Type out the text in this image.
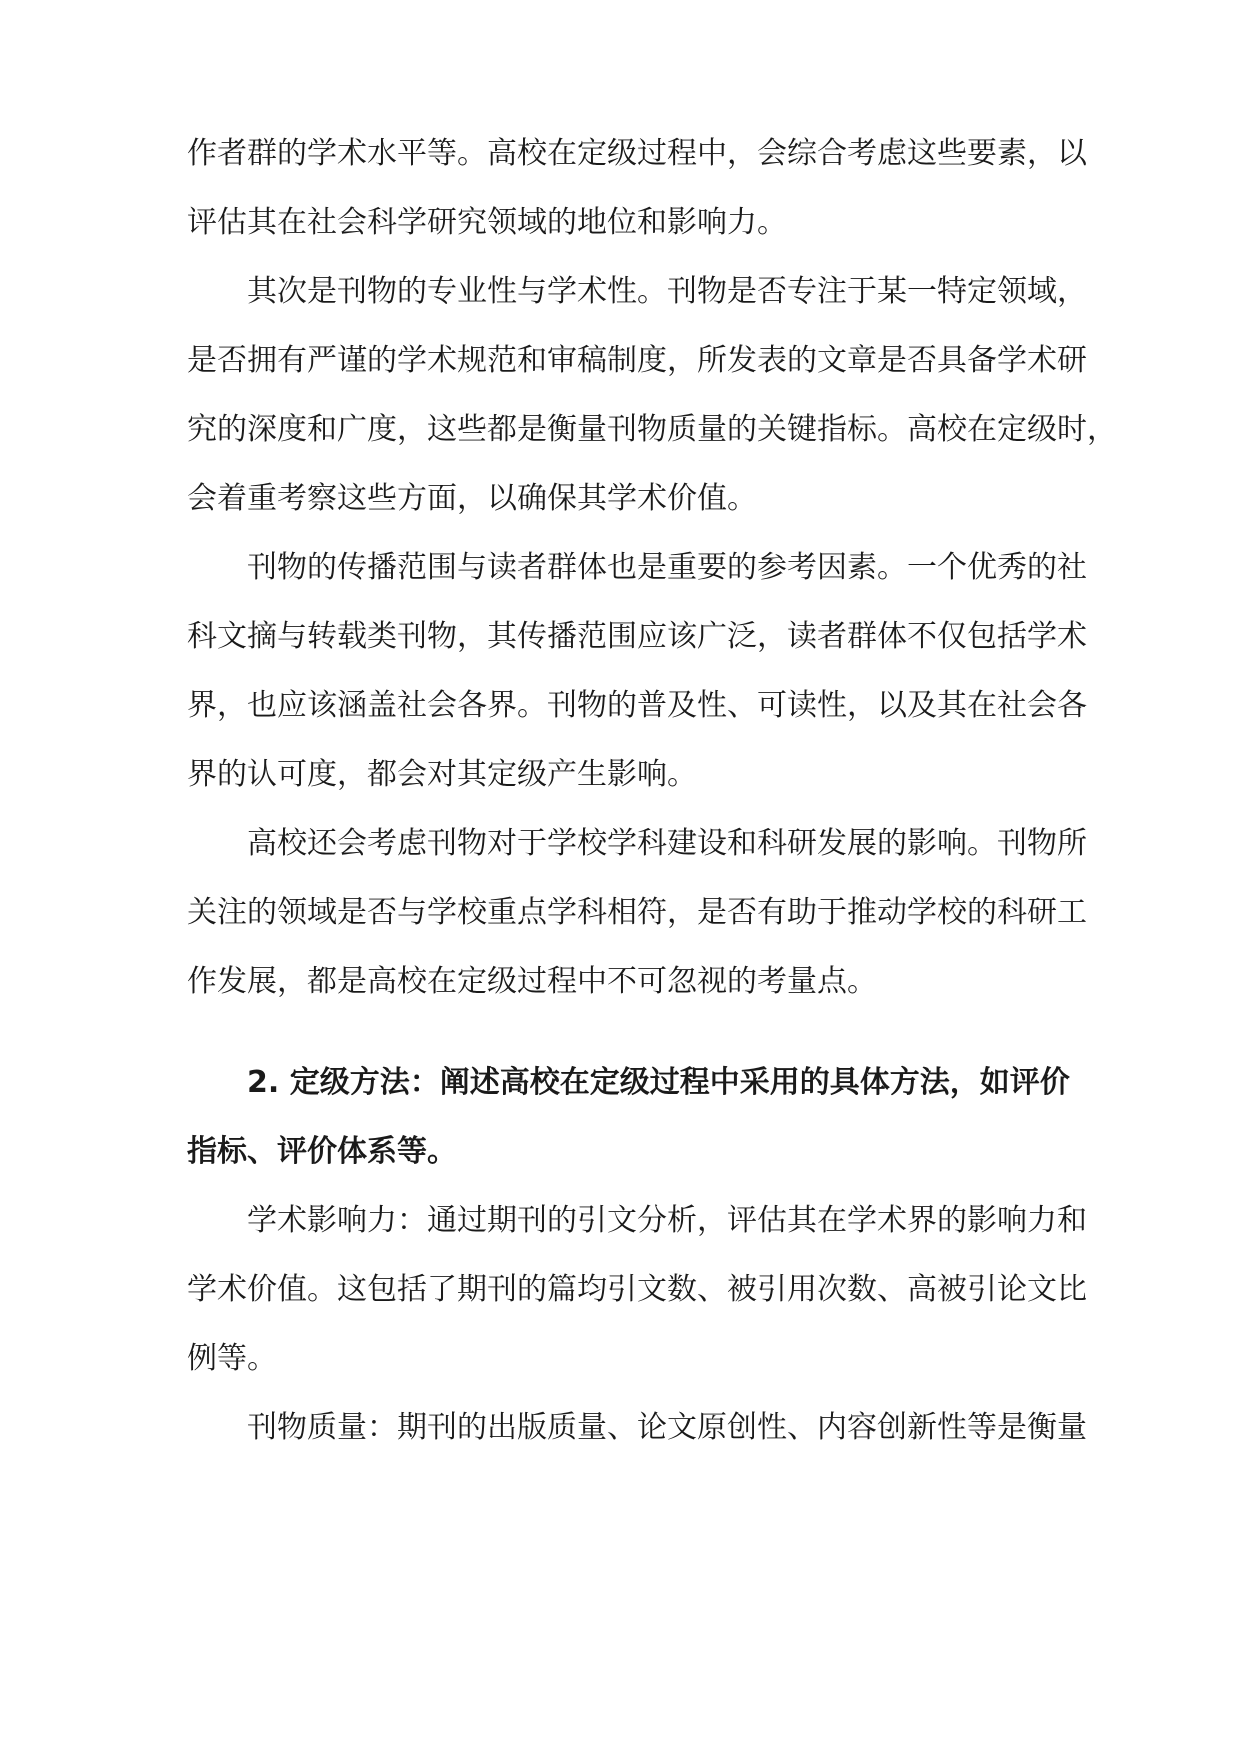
作者群的学术水平等。高校在定级过程中，会综合考虑这些要素，以
评估其在社会科学研究领域的地位和影响力。
其次是刊物的专业性与学术性。刊物是否专注于某一特定领域，
是否拥有严谨的学术规范和审稿制度，所发表的文章是否具备学术研
究的深度和广度，这些都是衡量刊物质量的关键指标。高校在定级时，
会着重考察这些方面，以确保其学术价值。
刊物的传播范围与读者群体也是重要的参考因素。一个优秀的社
科文摘与转载类刊物，其传播范围应该广泛，读者群体不仅包括学术
界，也应该涵盖社会各界。刊物的普及性、可读性，以及其在社会各
界的认可度，都会对其定级产生影响。
高校还会考虑刊物对于学校学科建设和科研发展的影响。刊物所
关注的领域是否与学校重点学科相符，是否有助于推动学校的科研工
作发展，都是高校在定级过程中不可忽视的考量点。
2. 定级方法：阐述高校在定级过程中采用的具体方法，如评价
指标、评价体系等。
学术影响力：通过期刊的引文分析，评估其在学术界的影响力和
学术价值。这包括了期刊的篇均引文数、被引用次数、高被引论文比
例等。
刊物质量：期刊的出版质量、论文原创性、内容创新性等是衡量
